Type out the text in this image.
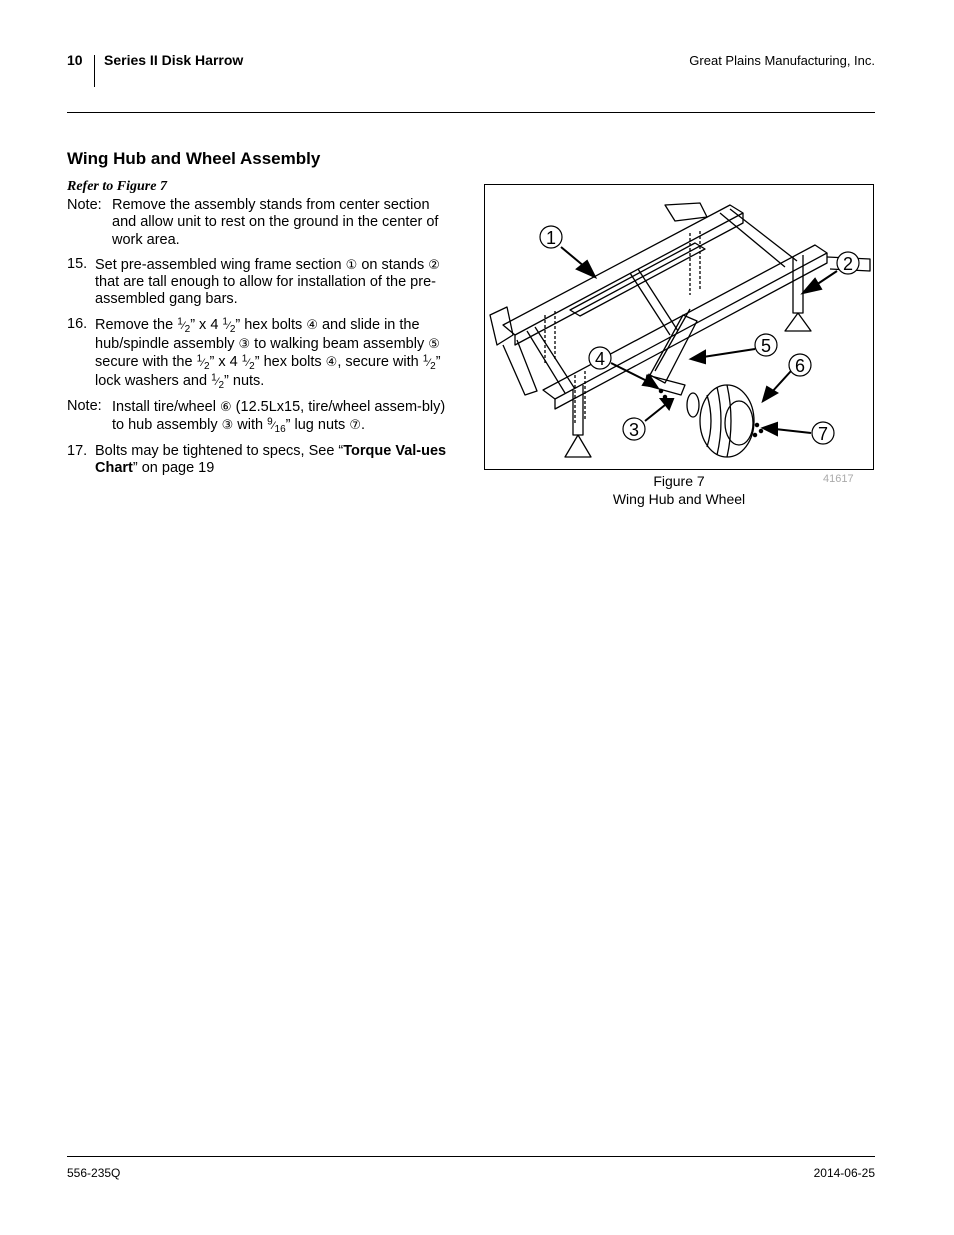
10 Series II Disk Harrow	Great Plains Manufacturing, Inc.
Wing Hub and Wheel Assembly
Refer to Figure 7
Note: Remove the assembly stands from center section and allow unit to rest on the ground in the center of work area.
15. Set pre-assembled wing frame section ① on stands ② that are tall enough to allow for installation of the pre-assembled gang bars.
16. Remove the $^1⁄_2$” x 4 $^1⁄_2$” hex bolts ④ and slide in the hub/spindle assembly ③ to walking beam assembly ⑤ secure with the $^1⁄_2$” x 4 $^1⁄_2$” hex bolts ④, secure with $^1⁄_2$” lock washers and $^1⁄_2$” nuts.
Note: Install tire/wheel ⑥ (12.5Lx15, tire/wheel assem-bly) to hub assembly ③ with $^9⁄_{16}$” lug nuts ⑦.
17. Bolts may be tightened to specs, See “Torque Val-ues Chart” on page 19
1
2
3
4
5
6
7
Figure 7
Wing Hub and Wheel
41617
556-235Q	2014-06-25
